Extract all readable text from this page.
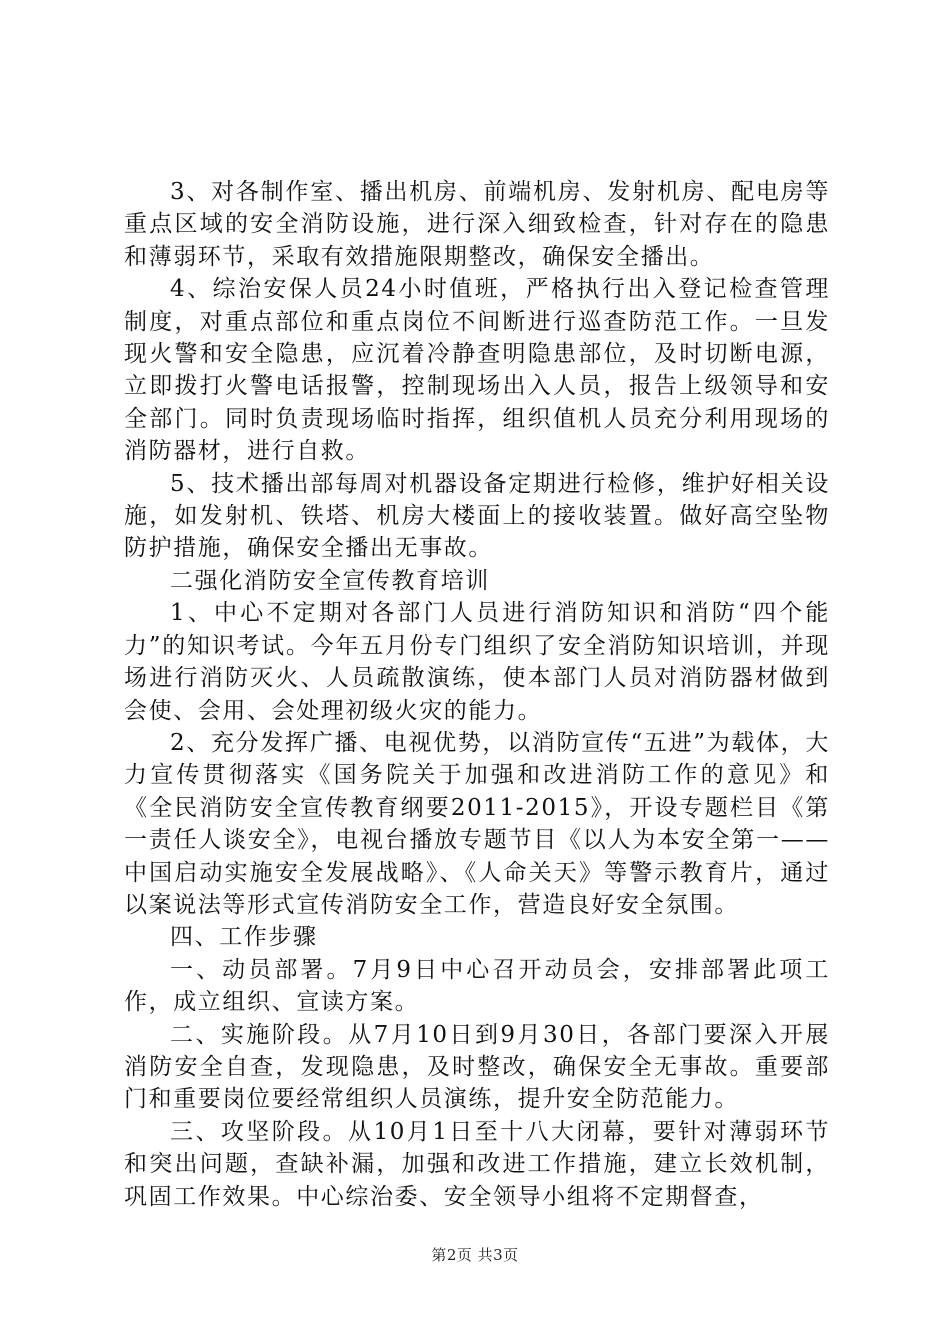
3、对各制作室、播出机房、前端机房、发射机房、配电房等重点区域的安全消防设施，进行深入细致检查，针对存在的隐患和薄弱环节，采取有效措施限期整改，确保安全播出。

4、综治安保人员24小时值班，严格执行出入登记检查管理制度，对重点部位和重点岗位不间断进行巡查防范工作。一旦发现火警和安全隐患，应沉着冷静查明隐患部位，及时切断电源，立即拨打火警电话报警，控制现场出入人员，报告上级领导和安全部门。同时负责现场临时指挥，组织值机人员充分利用现场的消防器材，进行自救。

5、技术播出部每周对机器设备定期进行检修，维护好相关设施，如发射机、铁塔、机房大楼面上的接收装置。做好高空坠物防护措施，确保安全播出无事故。

二强化消防安全宣传教育培训

1、中心不定期对各部门人员进行消防知识和消防“四个能力”的知识考试。今年五月份专门组织了安全消防知识培训，并现场进行消防灭火、人员疏散演练，使本部门人员对消防器材做到会使、会用、会处理初级火灾的能力。

2、充分发挥广播、电视优势，以消防宣传“五进”为载体，大力宣传贯彻落实《国务院关于加强和改进消防工作的意见》和《全民消防安全宣传教育纲要2011-2015》，开设专题栏目《第一责任人谈安全》，电视台播放专题节目《以人为本安全第一——中国启动实施安全发展战略》、《人命关天》等警示教育片，通过以案说法等形式宣传消防安全工作，营造良好安全氛围。

四、工作步骤

一、动员部署。7月9日中心召开动员会，安排部署此项工作，成立组织、宣读方案。

二、实施阶段。从7月10日到9月30日，各部门要深入开展消防安全自查，发现隐患，及时整改，确保安全无事故。重要部门和重要岗位要经常组织人员演练，提升安全防范能力。

三、攻坚阶段。从10月1日至十八大闭幕，要针对薄弱环节和突出问题，查缺补漏，加强和改进工作措施，建立长效机制，巩固工作效果。中心综治委、安全领导小组将不定期督查，

第2页 共3页
